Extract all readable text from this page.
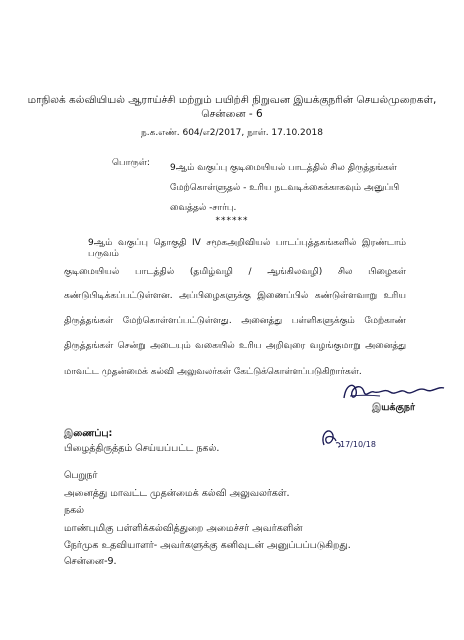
மாநிலக் கல்வியியல் ஆராய்ச்சி மற்றும் பயிற்சி நிறுவன இயக்குநரின் செயல்முறைகள்,
சென்னை - 6
ந.க.எண். 604/எ2/2017, நாள். 17.10.2018
பொருள்: 9ஆம் வகுப்பு குடிமையியல் பாடத்தில் சில திருத்தங்கள்
மேற்கொள்ளுதல் - உரிய நடவடிக்கைக்காகவும் அனுப்பி
வைத்தல் -சார்பு.
******
9ஆம் வகுப்பு தொகுதி IV சமூகஅறிவியல் பாடப்புத்தகங்களில் இரண்டாம் பருவம்
குடிமையியல் பாடத்தில் (தமிழ்வழி / ஆங்கிலவழி) சில பிழைகள்
கண்டுபிடிக்கப்பட்டுள்ளன. அப்பிழைகளுக்கு இணைப்பில் கண்டுள்ளவாறு உரிய
திருத்தங்கள் மேற்கொள்ளப்பட்டுள்ளது. அனைத்து பள்ளிகளுக்கும் மேற்காண்
திருத்தங்கள் சென்று அடையும் வகையில் உரிய அறிவுரை வழங்குமாறு அனைத்து
மாவட்ட முதன்மைக் கல்வி அலுவலர்கள் கேட்டுக்கொள்ளப்படுகிறார்கள்.
இயக்குநர்
17/10/18
இணைப்பு:
பிழைத்திருத்தம் செய்யப்பட்ட நகல்.
பெறுநர்
அனைத்து மாவட்ட முதன்மைக் கல்வி அலுவலர்கள்.
நகல்
மாண்புமிகு பள்ளிக்கல்வித்துறை அமைச்சர் அவர்களின்
நேர்முக உதவியாளர்- அவர்களுக்கு கனிவுடன் அனுப்பப்படுகிறது.
சென்னை-9.
